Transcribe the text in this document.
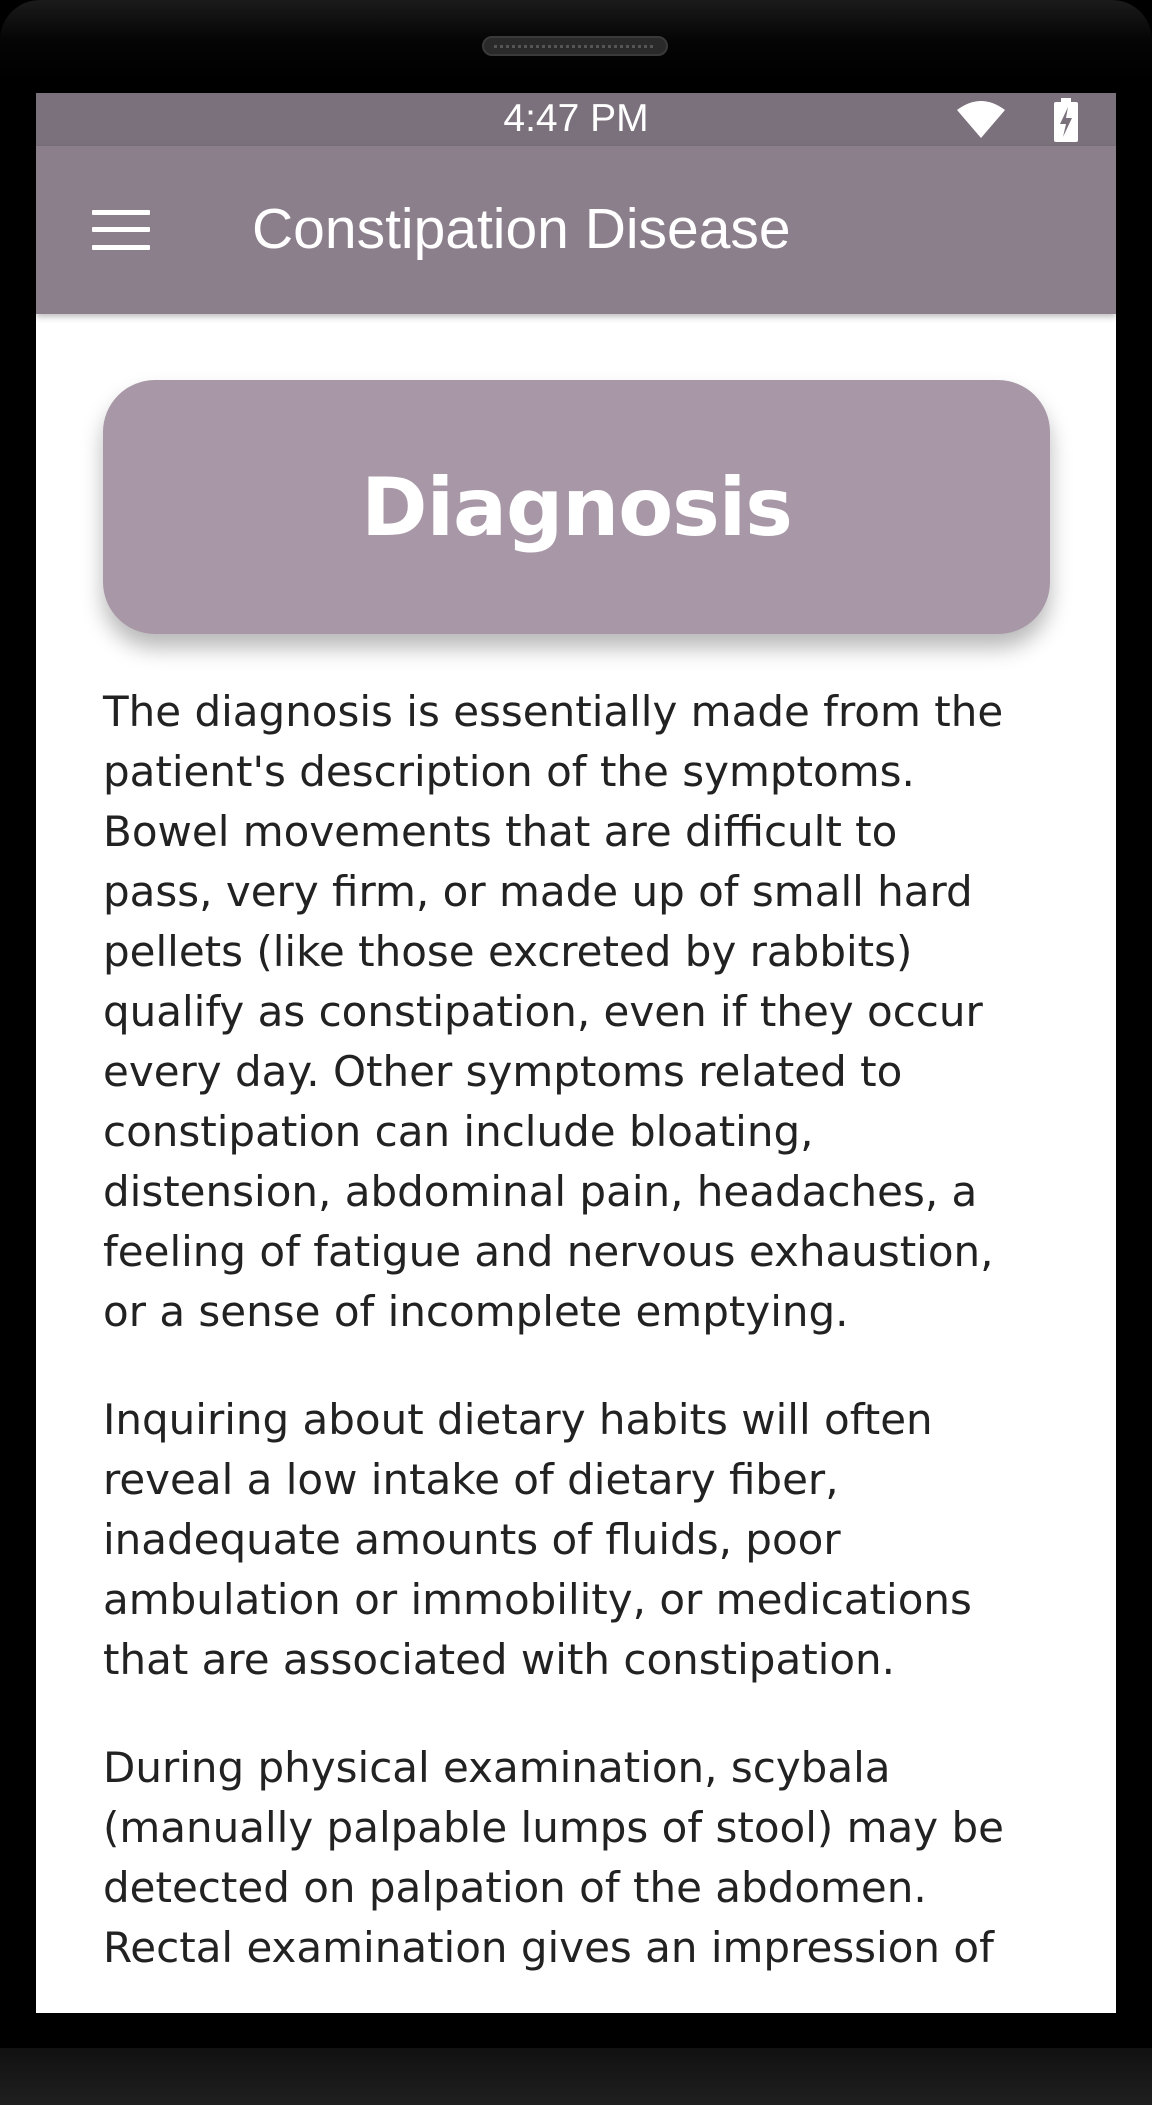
4:47 PM
Constipation Disease
Diagnosis

The diagnosis is essentially made from the
patient's description of the symptoms.
Bowel movements that are difficult to
pass, very firm, or made up of small hard
pellets (like those excreted by rabbits)
qualify as constipation, even if they occur
every day. Other symptoms related to
constipation can include bloating,
distension, abdominal pain, headaches, a
feeling of fatigue and nervous exhaustion,
or a sense of incomplete emptying.

Inquiring about dietary habits will often
reveal a low intake of dietary fiber,
inadequate amounts of fluids, poor
ambulation or immobility, or medications
that are associated with constipation.

During physical examination, scybala
(manually palpable lumps of stool) may be
detected on palpation of the abdomen.
Rectal examination gives an impression of
